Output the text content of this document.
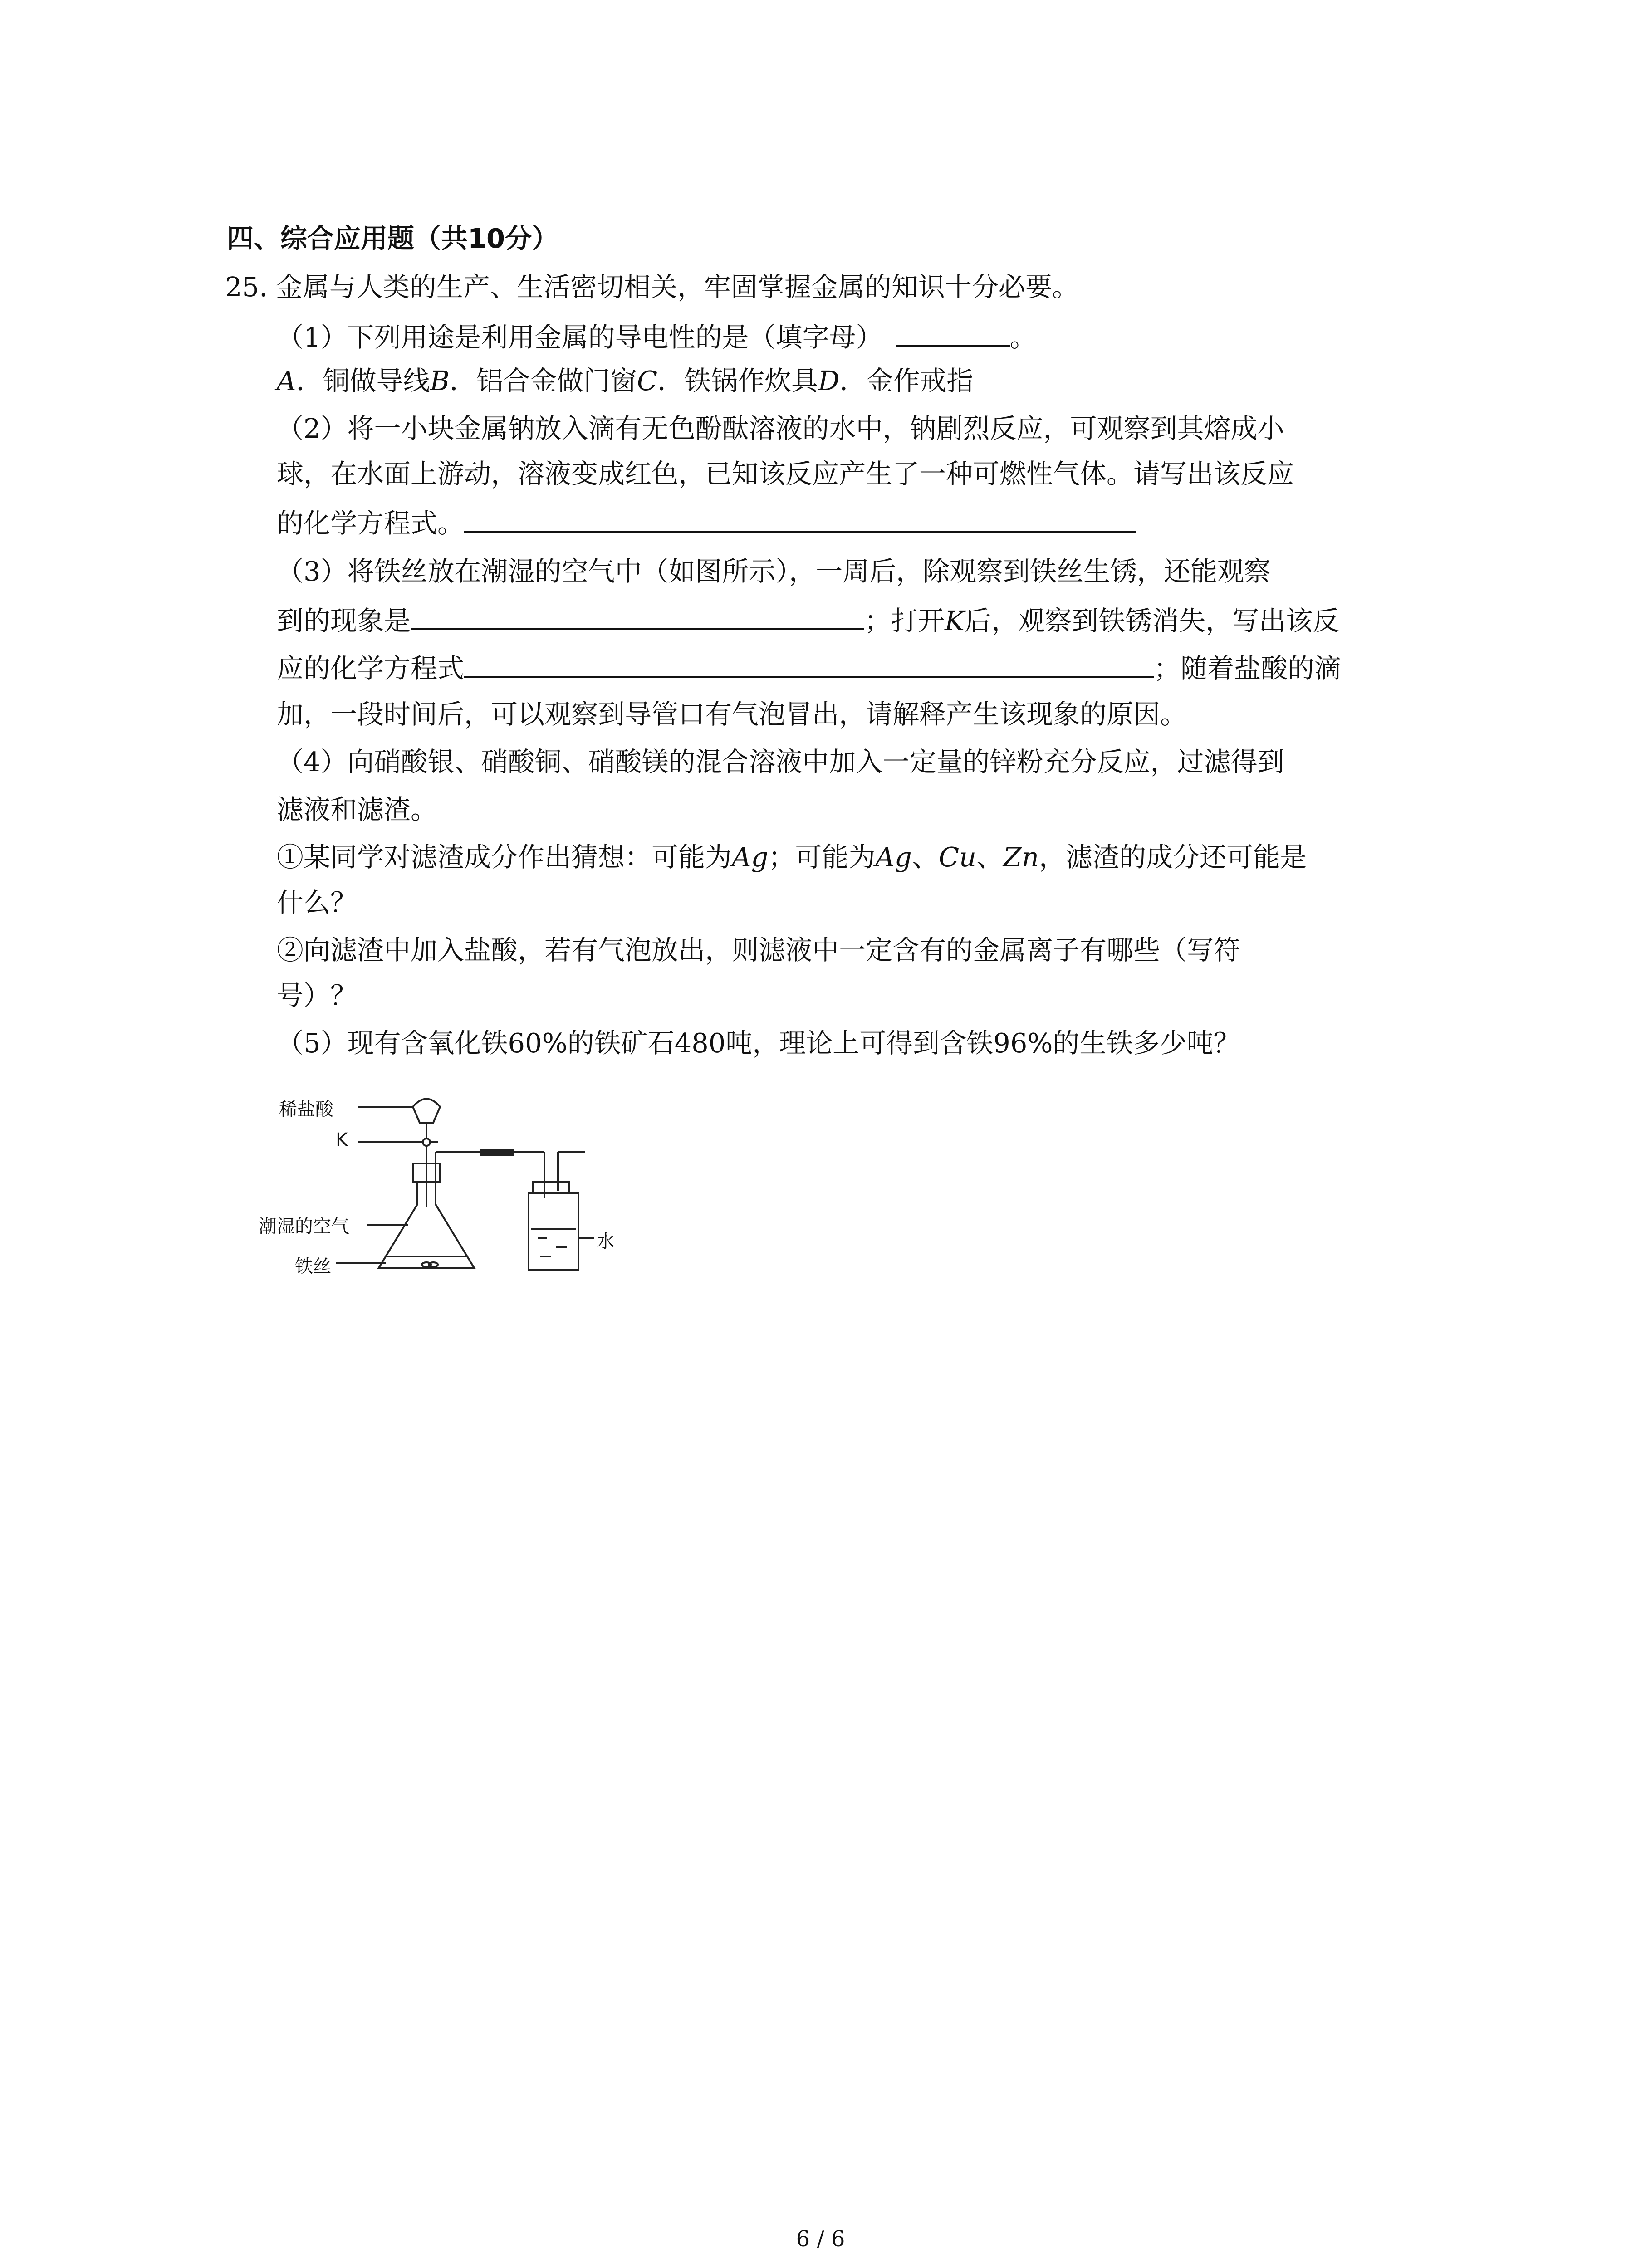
四、综合应用题（共10分）
25. 金属与人类的生产、生活密切相关，牢固掌握金属的知识十分必要。
（1）下列用途是利用金属的导电性的是（填字母）	。
A．铜做导线B．铝合金做门窗C．铁锅作炊具D．金作戒指
（2）将一小块金属钠放入滴有无色酚酞溶液的水中，钠剧烈反应，可观察到其熔成小
球，在水面上游动，溶液变成红色，已知该反应产生了一种可燃性气体。请写出该反应
的化学方程式。
（3）将铁丝放在潮湿的空气中（如图所示），一周后，除观察到铁丝生锈，还能观察
到的现象是	；打开K后，观察到铁锈消失，写出该反
应的化学方程式	；随着盐酸的滴
加，一段时间后，可以观察到导管口有气泡冒出，请解释产生该现象的原因。
（4）向硝酸银、硝酸铜、硝酸镁的混合溶液中加入一定量的锌粉充分反应，过滤得到
滤液和滤渣。
①某同学对滤渣成分作出猜想：可能为Ag；可能为Ag、Cu、Zn，滤渣的成分还可能是
什么？
②向滤渣中加入盐酸，若有气泡放出，则滤液中一定含有的金属离子有哪些（写符
号）？
（5）现有含氧化铁60%的铁矿石480吨，理论上可得到含铁96%的生铁多少吨？
稀盐酸
K
潮湿的空气
铁丝
水
6 / 6
